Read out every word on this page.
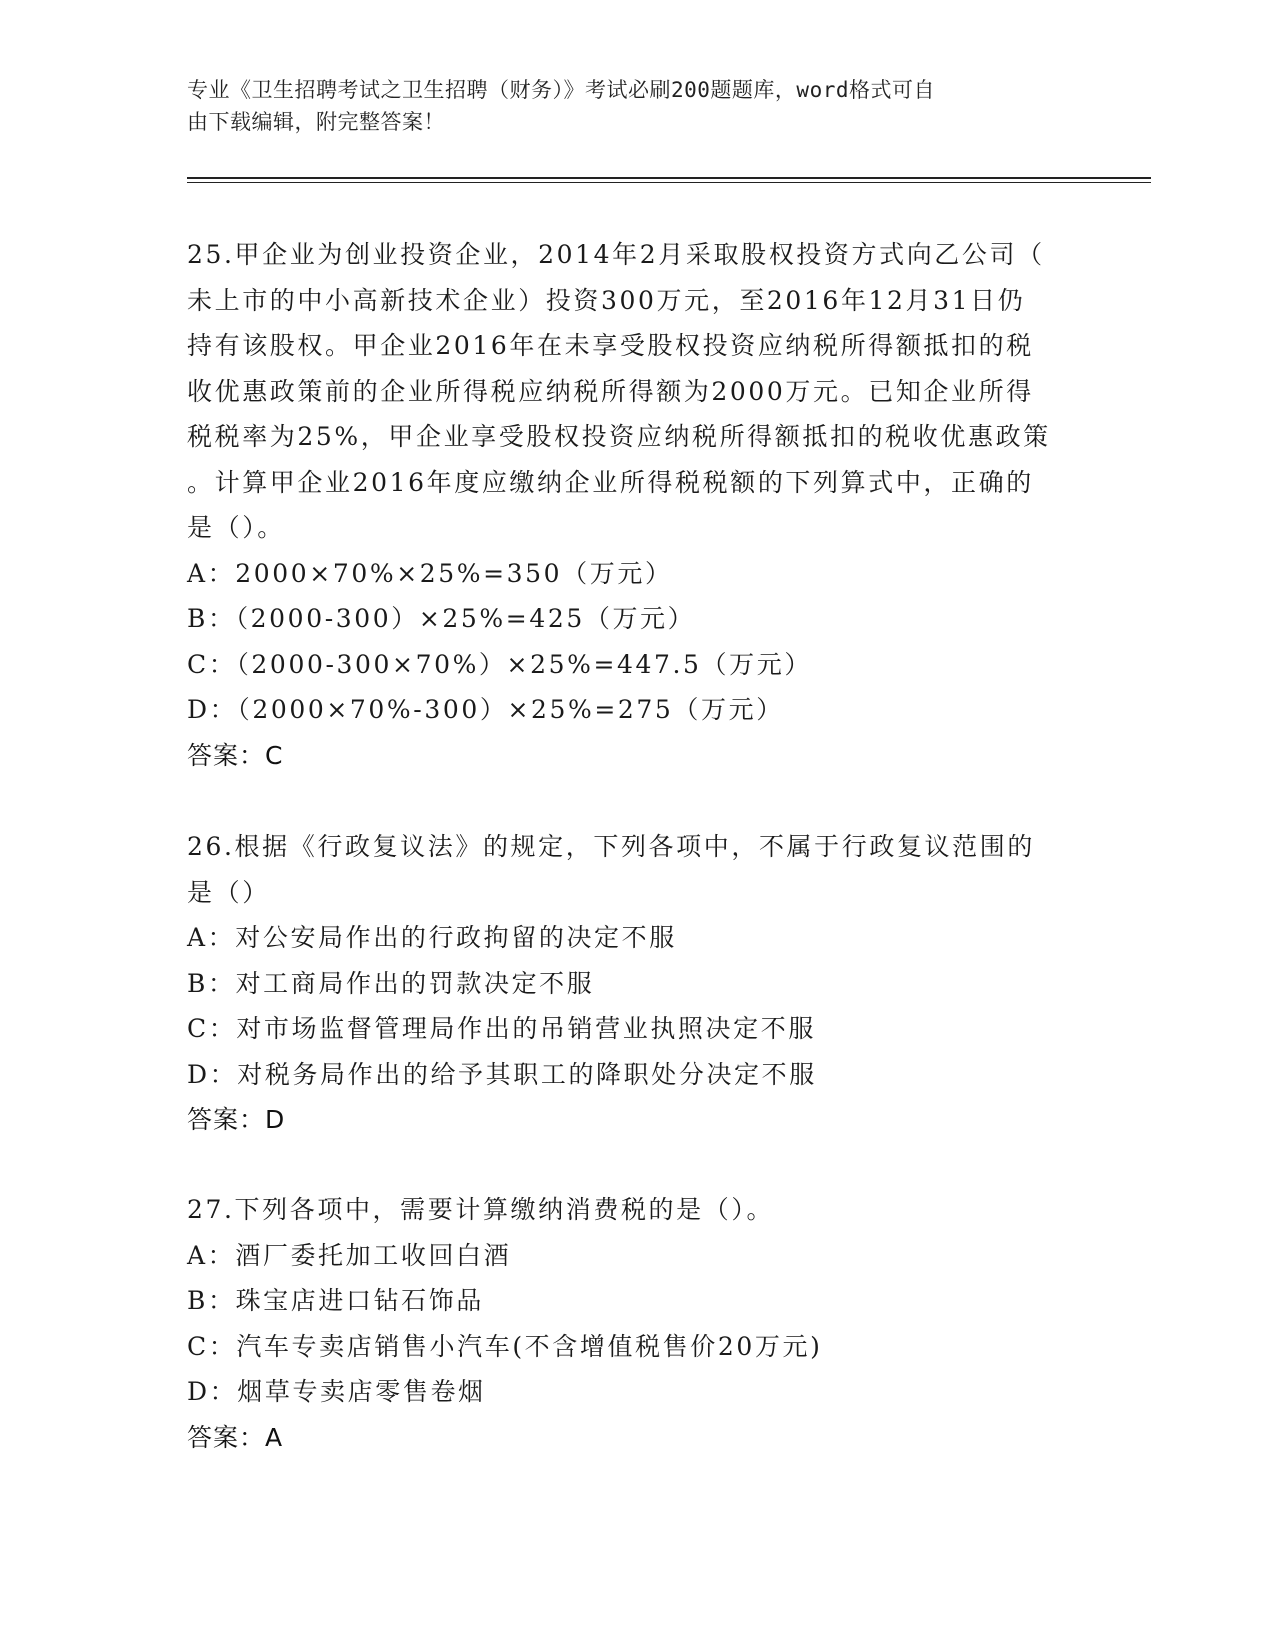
专业《卫生招聘考试之卫生招聘（财务）》考试必刷200题题库，word格式可自
由下载编辑，附完整答案！

25.甲企业为创业投资企业，2014年2月采取股权投资方式向乙公司（

未上市的中小高新技术企业）投资300万元，至2016年12月31日仍

持有该股权。甲企业2016年在未享受股权投资应纳税所得额抵扣的税

收优惠政策前的企业所得税应纳税所得额为2000万元。已知企业所得

税税率为25%，甲企业享受股权投资应纳税所得额抵扣的税收优惠政策

。计算甲企业2016年度应缴纳企业所得税税额的下列算式中，正确的

是（）。

A：2000×70%×25%=350（万元）

B：（2000-300）×25%=425（万元）

C：（2000-300×70%）×25%=447.5（万元）

D：（2000×70%-300）×25%=275（万元）

答案：C

26.根据《行政复议法》的规定，下列各项中，不属于行政复议范围的

是（）

A：对公安局作出的行政拘留的决定不服

B：对工商局作出的罚款决定不服

C：对市场监督管理局作出的吊销营业执照决定不服

D：对税务局作出的给予其职工的降职处分决定不服

答案：D

27.下列各项中，需要计算缴纳消费税的是（）。

A：酒厂委托加工收回白酒

B：珠宝店进口钻石饰品

C：汽车专卖店销售小汽车(不含增值税售价20万元)

D：烟草专卖店零售卷烟

答案：A
